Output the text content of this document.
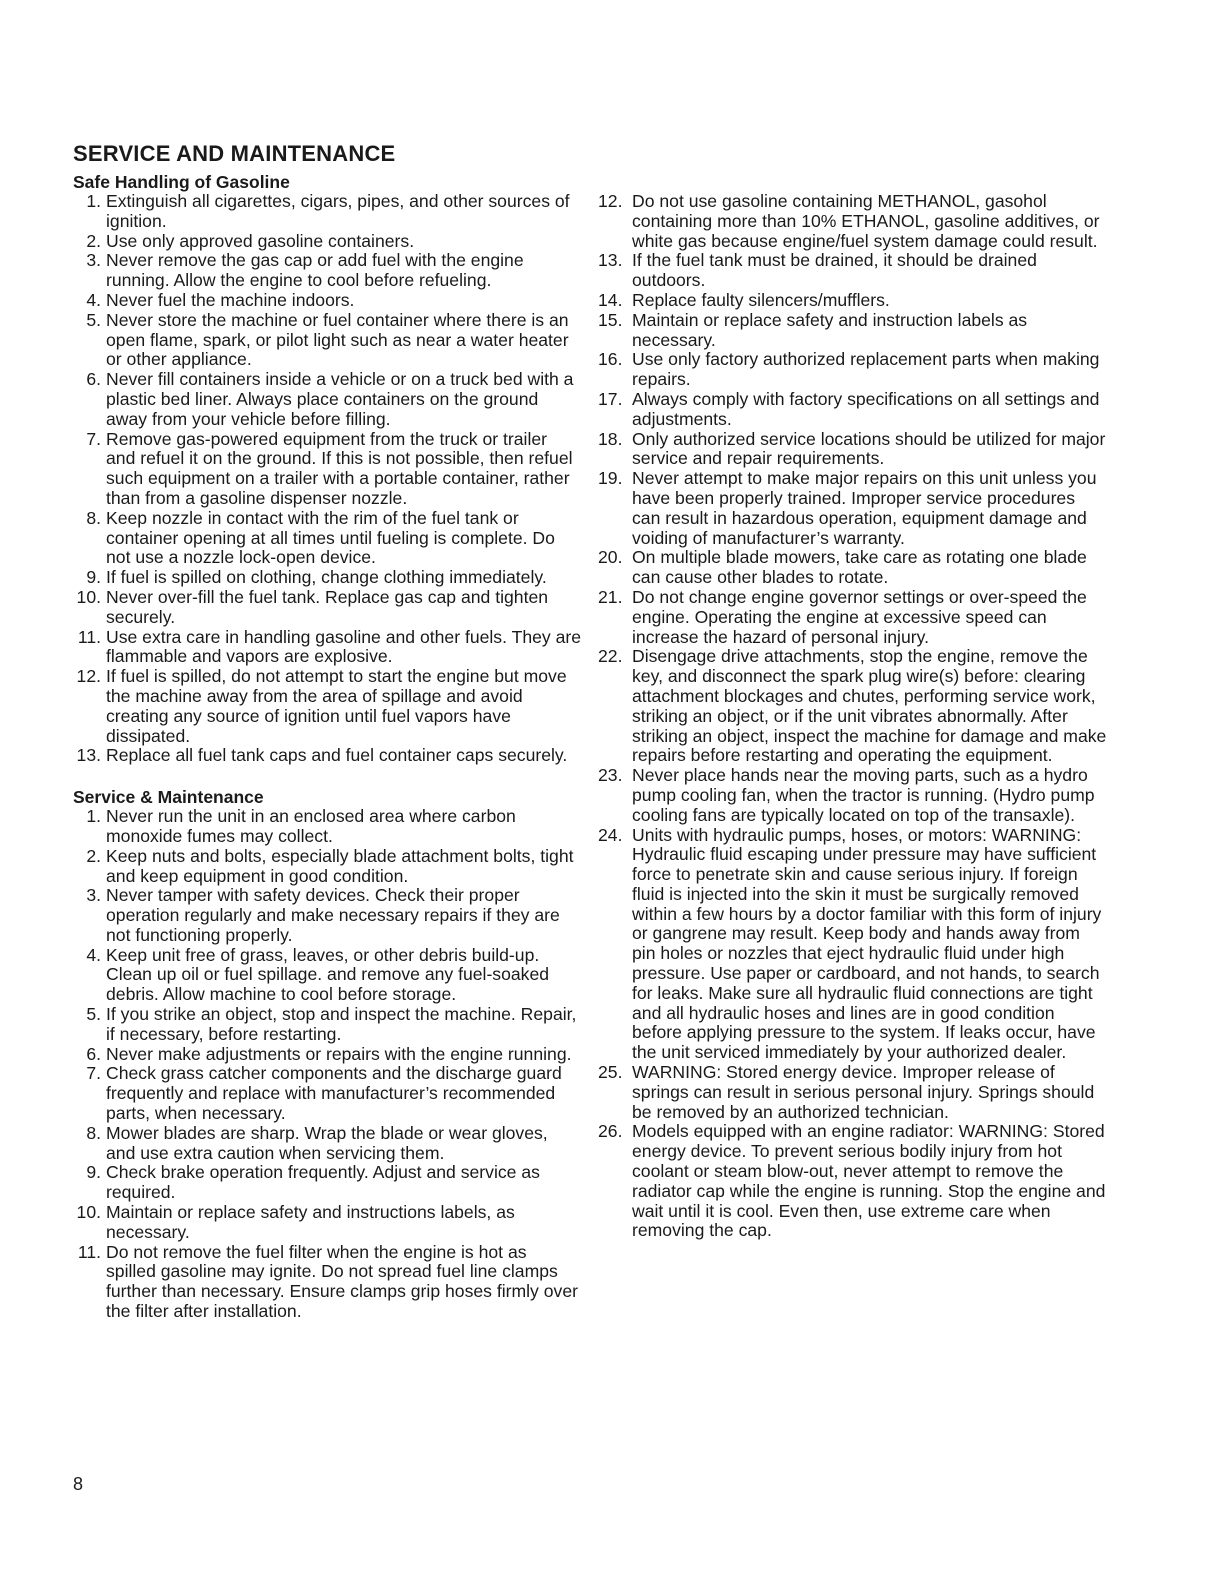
SERVICE AND MAINTENANCE
Safe Handling of Gasoline
1. Extinguish all cigarettes, cigars, pipes, and other sources of ignition.
2. Use only approved gasoline containers.
3. Never remove the gas cap or add fuel with the engine running. Allow the engine to cool before refueling.
4. Never fuel the machine indoors.
5. Never store the machine or fuel container where there is an open flame, spark, or pilot light such as near a water heater or other appliance.
6. Never fill containers inside a vehicle or on a truck bed with a plastic bed liner. Always place containers on the ground away from your vehicle before filling.
7. Remove gas-powered equipment from the truck or trailer and refuel it on the ground. If this is not possible, then refuel such equipment on a trailer with a portable container, rather than from a gasoline dispenser nozzle.
8. Keep nozzle in contact with the rim of the fuel tank or container opening at all times until fueling is complete. Do not use a nozzle lock-open device.
9. If fuel is spilled on clothing, change clothing immediately.
10. Never over-fill the fuel tank. Replace gas cap and tighten securely.
11. Use extra care in handling gasoline and other fuels. They are flammable and vapors are explosive.
12. If fuel is spilled, do not attempt to start the engine but move the machine away from the area of spillage and avoid creating any source of ignition until fuel vapors have dissipated.
13. Replace all fuel tank caps and fuel container caps securely.
Service & Maintenance
1. Never run the unit in an enclosed area where carbon monoxide fumes may collect.
2. Keep nuts and bolts, especially blade attachment bolts, tight and keep equipment in good condition.
3. Never tamper with safety devices. Check their proper operation regularly and make necessary repairs if they are not functioning properly.
4. Keep unit free of grass, leaves, or other debris build-up. Clean up oil or fuel spillage. and remove any fuel-soaked debris. Allow machine to cool before storage.
5. If you strike an object, stop and inspect the machine. Repair, if necessary, before restarting.
6. Never make adjustments or repairs with the engine running.
7. Check grass catcher components and the discharge guard frequently and replace with manufacturer’s recommended parts, when necessary.
8. Mower blades are sharp. Wrap the blade or wear gloves, and use extra caution when servicing them.
9. Check brake operation frequently. Adjust and service as required.
10. Maintain or replace safety and instructions labels, as necessary.
11. Do not remove the fuel filter when the engine is hot as spilled gasoline may ignite. Do not spread fuel line clamps further than necessary. Ensure clamps grip hoses firmly over the filter after installation.
12. Do not use gasoline containing METHANOL, gasohol containing more than 10% ETHANOL, gasoline additives, or white gas because engine/fuel system damage could result.
13. If the fuel tank must be drained, it should be drained outdoors.
14. Replace faulty silencers/mufflers.
15. Maintain or replace safety and instruction labels as necessary.
16. Use only factory authorized replacement parts when making repairs.
17. Always comply with factory specifications on all settings and adjustments.
18. Only authorized service locations should be utilized for major service and repair requirements.
19. Never attempt to make major repairs on this unit unless you have been properly trained. Improper service procedures can result in hazardous operation, equipment damage and voiding of manufacturer’s warranty.
20. On multiple blade mowers, take care as rotating one blade can cause other blades to rotate.
21. Do not change engine governor settings or over-speed the engine. Operating the engine at excessive speed can increase the hazard of personal injury.
22. Disengage drive attachments, stop the engine, remove the key, and disconnect the spark plug wire(s) before: clearing attachment blockages and chutes, performing service work, striking an object, or if the unit vibrates abnormally. After striking an object, inspect the machine for damage and make repairs before restarting and operating the equipment.
23. Never place hands near the moving parts, such as a hydro pump cooling fan, when the tractor is running. (Hydro pump cooling fans are typically located on top of the transaxle).
24. Units with hydraulic pumps, hoses, or motors: WARNING: Hydraulic fluid escaping under pressure may have sufficient force to penetrate skin and cause serious injury. If foreign fluid is injected into the skin it must be surgically removed within a few hours by a doctor familiar with this form of injury or gangrene may result. Keep body and hands away from pin holes or nozzles that eject hydraulic fluid under high pressure. Use paper or cardboard, and not hands, to search for leaks. Make sure all hydraulic fluid connections are tight and all hydraulic hoses and lines are in good condition before applying pressure to the system. If leaks occur, have the unit serviced immediately by your authorized dealer.
25. WARNING: Stored energy device. Improper release of springs can result in serious personal injury. Springs should be removed by an authorized technician.
26. Models equipped with an engine radiator: WARNING: Stored energy device. To prevent serious bodily injury from hot coolant or steam blow-out, never attempt to remove the radiator cap while the engine is running. Stop the engine and wait until it is cool. Even then, use extreme care when removing the cap.
8
